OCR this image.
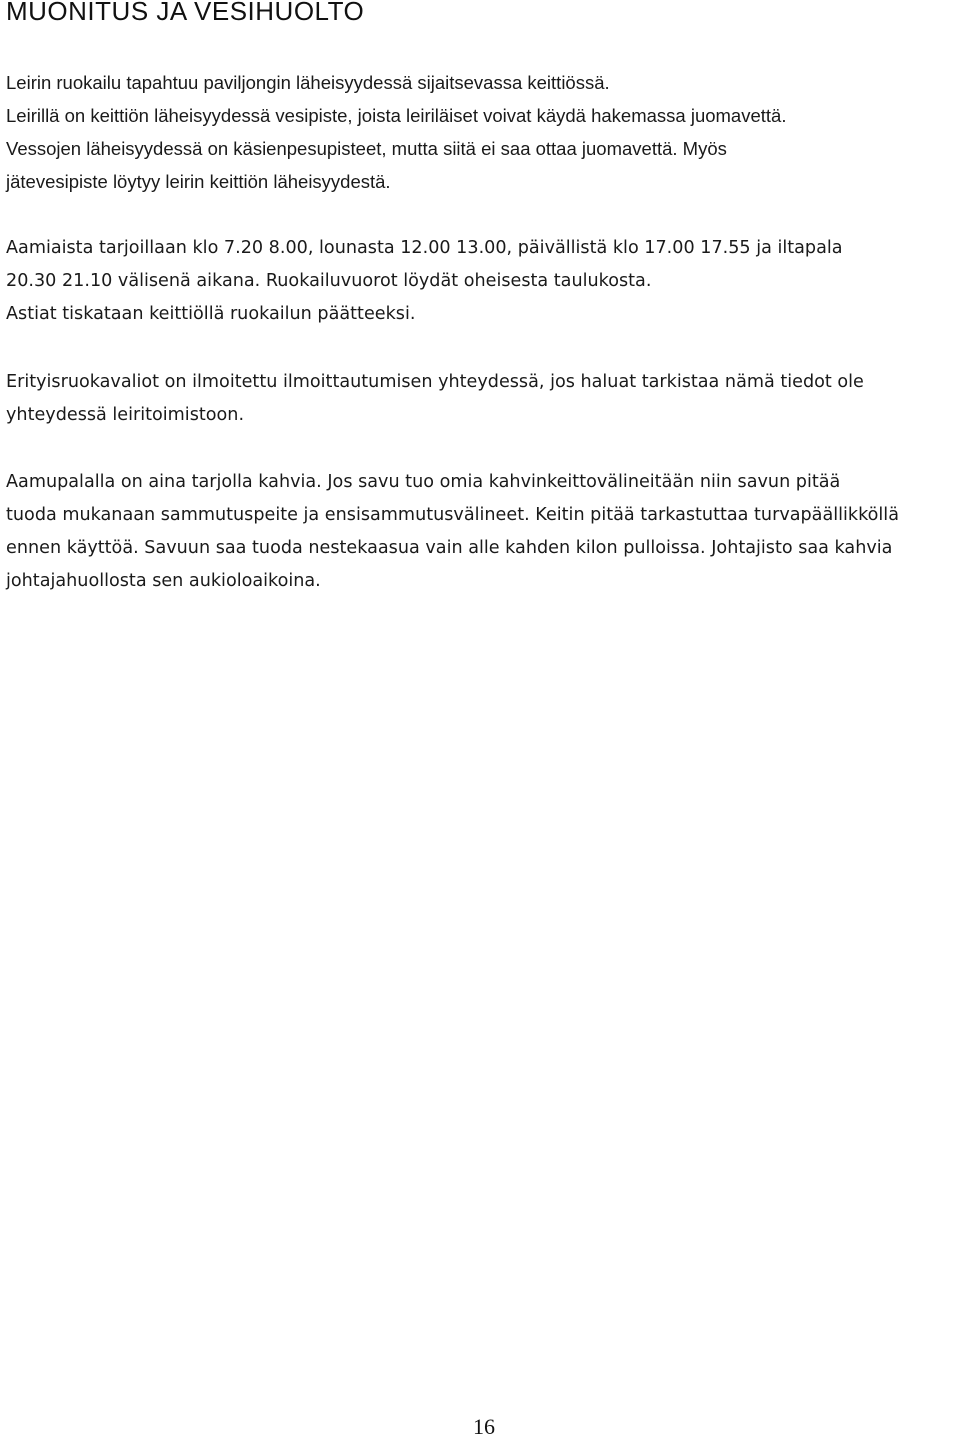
MUONITUS JA VESIHUOLTO
Leirin ruokailu tapahtuu paviljongin läheisyydessä sijaitsevassa keittiössä.
Leirillä on keittiön läheisyydessä vesipiste, joista leiriläiset voivat käydä hakemassa juomavettä.
Vessojen läheisyydessä on käsienpesupisteet, mutta siitä ei saa ottaa juomavettä. Myös
jätevesipiste löytyy leirin keittiön läheisyydestä.
Aamiaista tarjoillaan klo 7.20 8.00, lounasta 12.00 13.00, päivällistä klo 17.00 17.55 ja iltapala
20.30 21.10 välisenä aikana. Ruokailuvuorot löydät oheisesta taulukosta.
Astiat tiskataan keittiöllä ruokailun päätteeksi.
Erityisruokavaliot on ilmoitettu ilmoittautumisen yhteydessä, jos haluat tarkistaa nämä tiedot ole
yhteydessä leiritoimistoon.
Aamupalalla on aina tarjolla kahvia. Jos savu tuo omia kahvinkeittovälineitään niin savun pitää
tuoda mukanaan sammutuspeite ja ensisammutusvälineet. Keitin pitää tarkastuttaa turvapäällikköllä
ennen käyttöä. Savuun saa tuoda nestekaasua vain alle kahden kilon pulloissa. Johtajisto saa kahvia
johtajahuollosta sen aukioloaikoina.
16
